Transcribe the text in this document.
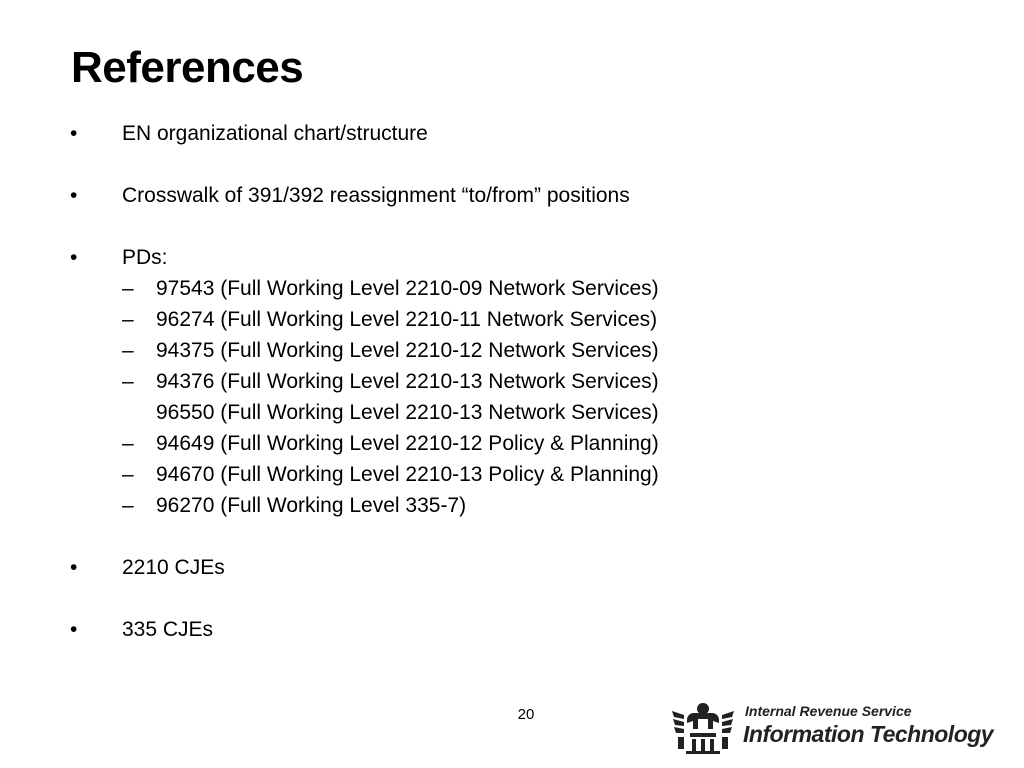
References
•	EN organizational chart/structure
•	Crosswalk of 391/392 reassignment “to/from” positions
•	PDs:
–	97543 (Full Working Level 2210-09 Network Services)
–	96274 (Full Working Level 2210-11 Network Services)
–	94375 (Full Working Level 2210-12 Network Services)
–	94376 (Full Working Level 2210-13 Network Services)
96550 (Full Working Level 2210-13 Network Services)
–	94649 (Full Working Level 2210-12 Policy & Planning)
–	94670 (Full Working Level 2210-13 Policy & Planning)
–	96270 (Full Working Level 335-7)
•	2210 CJEs
•	335 CJEs
20	Internal Revenue Service
Information Technology
